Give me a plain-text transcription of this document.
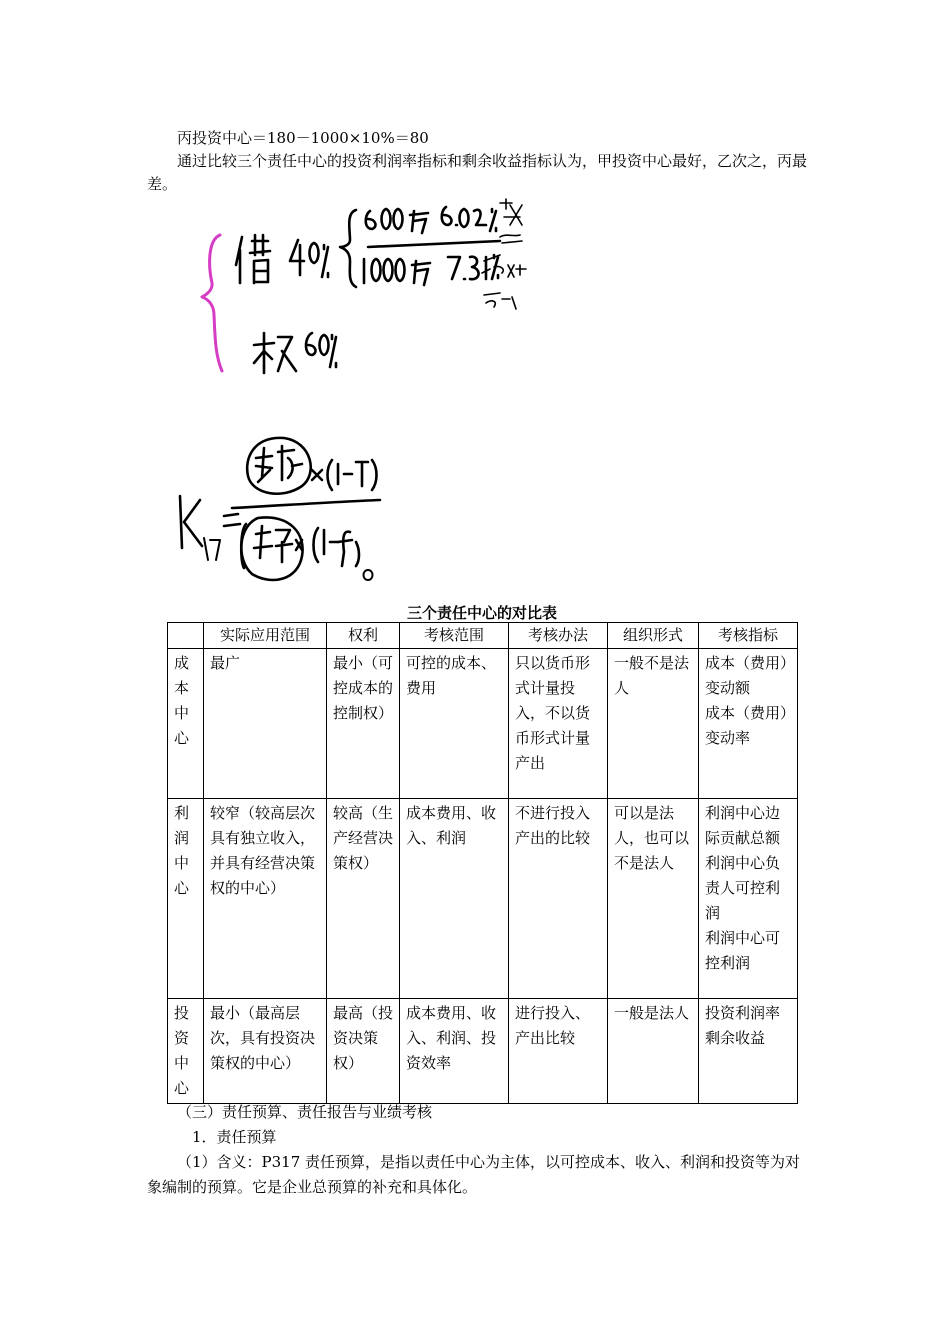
丙投资中心＝180－1000×10%＝80
通过比较三个责任中心的投资利润率指标和剩余收益指标认为，甲投资中心最好，乙次之，丙最差。
三个责任中心的对比表
	实际应用范围	权利	考核范围	考核办法	组织形式	考核指标
成
本
中
心	最广	最小（可控成本的控制权）	可控的成本、费用	只以货币形式计量投入，不以货币形式计量产出	一般不是法人	成本（费用）变动额
成本（费用）变动率
利
润
中
心	较窄（较高层次具有独立收入，并具有经营决策权的中心）	较高（生产经营决策权）	成本费用、收入、利润	不进行投入产出的比较	可以是法人，也可以不是法人	利润中心边际贡献总额
利润中心负责人可控利润
利润中心可控利润
投
资
中
心	最小（最高层次，具有投资决策权的中心）	最高（投资决策权）	成本费用、收入、利润、投资效率	进行投入、产出比较	一般是法人	投资利润率
剩余收益
（三）责任预算、责任报告与业绩考核
1．责任预算
（1）含义：P317 责任预算，是指以责任中心为主体，以可控成本、收入、利润和投资等为对象编制的预算。它是企业总预算的补充和具体化。
